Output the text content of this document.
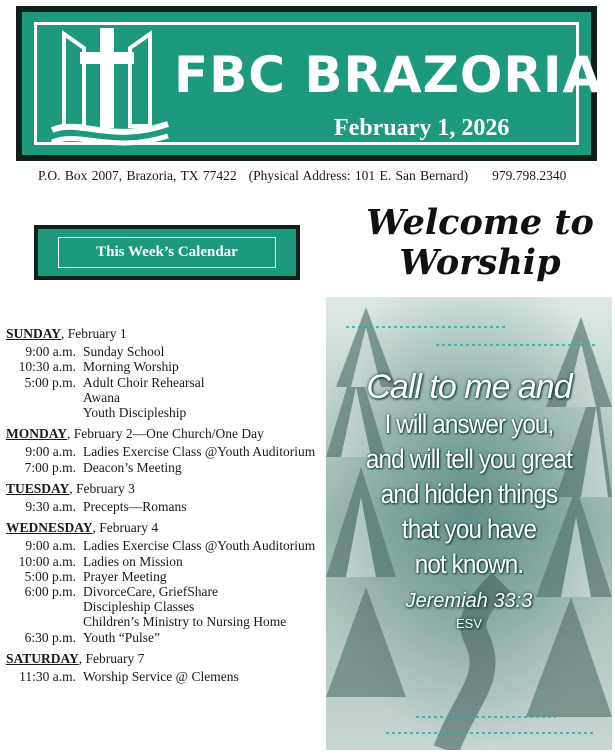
FBC BRAZORIA
February 1, 2026
P.O. Box 2007, Brazoria, TX 77422 (Physical Address: 101 E. San Bernard) 979.798.2340
This Week’s Calendar
Welcome to
Worship
SUNDAY, February 1
9:00 a.m. Sunday School
10:30 a.m. Morning Worship
5:00 p.m. Adult Choir Rehearsal
Awana
Youth Discipleship
MONDAY, February 2—One Church/One Day
9:00 a.m. Ladies Exercise Class @Youth Auditorium
7:00 p.m. Deacon’s Meeting
TUESDAY, February 3
9:30 a.m. Precepts—Romans
WEDNESDAY, February 4
9:00 a.m. Ladies Exercise Class @Youth Auditorium
10:00 a.m. Ladies on Mission
5:00 p.m. Prayer Meeting
6:00 p.m. DivorceCare, GriefShare
Discipleship Classes
Children’s Ministry to Nursing Home
6:30 p.m. Youth “Pulse”
SATURDAY, February 7
11:30 a.m. Worship Service @ Clemens
Call to me and
I will answer you,
and will tell you great
and hidden things
that you have
not known.
Jeremiah 33:3
ESV
